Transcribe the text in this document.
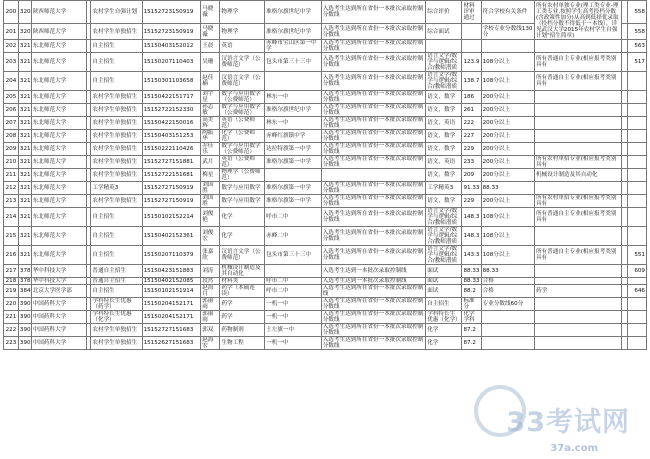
200	320	陕西师范大学		农村学生自强计划	15152723150919	马晓薇	物理学	准格尔旗世纪中学	入选考生达到所在省份一本批次录取控制分数线	综合评价	材料评审通过	符合学校有关条件	所有农村单独专业(理工类专业-理工类专业,按照学生高考投档分数(含政策性加分)从高到低择优录取（投档分数不得低于一本线）。详见武汉大学2015年农村学生自强计划"招生简章)		558
201	320	陕西师范大学		农村学生单独招生	15152723150919	马晓薇	物理学	准格尔旗世纪中学	入选考生达到所在省份一本批次录取控制分数线	综合面试		学校专业分数线130分			558
202	321	东北师范大学		自主招生	15150403152012	王晨	英语	赤峰市宝山区第一中学	入选考生达到所在省份一本批次录取控制分数线						563
203	321	东北师范大学		自主招生	15150207110403	吴珊	汉语言文学（公费师范）	包头市第三十三中	入选考生达到所在省份一本批次录取控制分数线	语言文学/数学与逻辑/综合/教师潜质	123.9	108分以上	所有普通自主专业(相应报考类别具有		517
204	321	东北师范大学		自主招生	15150301103658	赵佳楠	汉语言文学（公费师范）		入选考生达到所在省份一本批次录取控制分数线	语言文学/数学与逻辑/综合/教师潜质	138.7	108分以上	所有普通自主专业(相应报考类别具有		
205	321	东北师范大学		农村学生单独招生	15150422151717	刘宇星	数学与应用数学（公费师范）	林东一中	入选考生达到所在省份一本批次录取控制分数线	语文，数学	186	200分以上			
206	321	东北师范大学		农村学生单独招生	15152722152330	孙志敏	数学与应用数学（公费师范）	准格尔旗世纪中学	入选考生达到所在省份一本批次录取控制分数线	语文，数学	261	200分以上			
207	321	东北师范大学		农村学生单独招生	15150422150016	高美辉	英语（公费师范）	林东一中	入选考生达到所在省份一本批次录取控制分数线	语文，英语	222	200分以上			
208	321	东北师范大学		农村学生单独招生	15150403151253	陶振华	化学（公费师范）	赤峰红旗镇中学	入选考生达到所在省份一本批次录取控制分数线	语文，数学	227	200分以上			
209	321	东北师范大学		农村学生单独招生	15150222110426	乔佳乐	数学与应用数学（公费师范）	达拉特旗第一中学	入选考生达到所在省份一本批次录取控制分数线	语文，数学	229	200分以上			
210	321	东北师范大学		农村学生单独招生	15152727151881	武月	英语（公费师范）	准格尔旗第一中学	入选考生达到所在省份一本批次录取控制分数线	语文，英语	233	200分以上	所有农村单招专业(相应报考类别具有		
211	321	东北师范大学		农村学生单独招生	15152722151681	梅星	物理学（公费师范）			语文，数学	209	200分以上	机械设计制造及其自动化		
212	321	东北师范大学		工学精英3	15152727150919	刘国胜	数学与应用数学	准格尔旗第一中学	入选考生达到所在省份一本批次录取控制分数线	工学精英3	91.33	88.33			
213	321	东北师范大学		农村学生单独招生	15152727150919	刘国胜	数学与应用数学	准格尔旗第一中学	入选考生达到所在省份一本批次录取控制分数线	语文，数学	229	200分以上	所有农村单招专业(相应报考类别具有		
214	321	东北师范大学		自主招生	15150102152214	刘俊艳	化学	呼市二中	入选考生达到所在省份一本批次录取控制分数线	语言文学/数学与逻辑/综合/教师潜质	148.3	108分以上	所有普通自主专业(相应报考类别具有		
215	321	东北师范大学		自主招生	15150402152361	刘俊宏	化学	赤峰二中	入选考生达到所在省份一本批次录取控制分数线	语言文学/数学与逻辑/综合/教师潜质	148.3	108分以上			
216	321	东北师范大学		自主招生	15150207110379	张嘉欣	汉语言文学（公费师范）	包头市第三十三中	入选考生达到所在省份一本批次录取控制分数线	语言文学/数学与逻辑/综合/教师潜质	143.3	108分以上	所有普通自主专业(相应报考类别具有		551
217	378	华中科技大学		普通自主招生	15150423151883	刘涛	机械设计制造及其自动化		入选考生达到一本批次录取控制线	面试	88.33	88.33			609
218	378	华中科技大学		普通自主招生	15150402152085	段然	材料类	呼市二中	入选考生达到一本批次录取控制线	面试	88.33	合格			
219	384	北京大学医学部		自主招生	15150102151914	赵海月	药学（本硕连读）	呼市二中	入选考生达到所在省份一本批次录取控制线	面试	88.2	合格	药学		646
220	390	中国药科大学		学科特长生优惠（药学）	15150204152171	郭丽雨	药学	一机一中	入选考生达到所在省份一本批次录取控制分数线	自主招生	标准分	专业分数线60分			
221	390	中国药科大学		学科特长生优惠（化学）	15150204152171	郭丽雨	药学	一机一中	入选考生达到所在省份一本批次录取控制分数线	学科特长生优惠（化学）	化学学科				
222	390	中国药科大学		农村学生单独招生	15152727151683	郭双	药物制剂	土左旗一中	入选考生达到所在省份一本批次录取控制分数线	化学	87.2				
223	390	中国药科大学		农村学生单独招生	15152627151683	赵海宏	生物工程	一机一中	入选考生达到所在省份一本批次录取控制分数线	化学	87.2				
33考试网
37a.com
